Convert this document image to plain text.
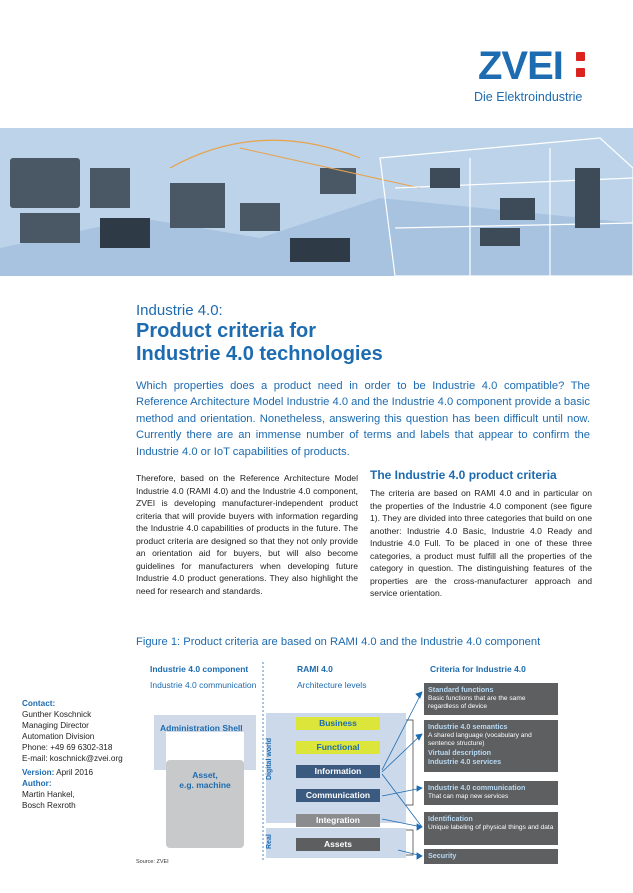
ZVEI
Die Elektroindustrie
Industrie 4.0:
Product criteria for
Industrie 4.0 technologies
Which properties does a product need in order to be Industrie 4.0 compatible? The Reference Architecture Model Industrie 4.0 and the Industrie 4.0 component provide a basic method and orientation. Nonetheless, answering this question has been difficult until now. Currently there are an immense number of terms and labels that appear to confirm the Industrie 4.0 or IoT capabilities of products.
Therefore, based on the Reference Architecture Model Industrie 4.0 (RAMI 4.0) and the Industrie 4.0 component, ZVEI is developing manufacturer-independent product criteria that will provide buyers with information regarding the Industrie 4.0 capabilities of products in the future. The product criteria are designed so that they not only provide an orientation aid for buyers, but will also become guidelines for manufacturers when developing future Industrie 4.0 product generations. They also highlight the need for research and standards.
The Industrie 4.0 product criteria
The criteria are based on RAMI 4.0 and in particular on the properties of the Industrie 4.0 component (see figure 1). They are divided into three categories that build on one another: Industrie 4.0 Basic, Industrie 4.0 Ready and Industrie 4.0 Full. To be placed in one of these three categories, a product must fulfill all the properties of the category in question. The distinguishing features of the properties are the cross-manufacturer approach and service orientation.
Figure 1: Product criteria are based on RAMI 4.0 and the Industrie 4.0 component
Contact:
Gunther Koschnick
Managing Director
Automation Division
Phone: +49 69 6302-318
E-mail: koschnick@zvei.org
Version: April 2016
Author:
Martin Hankel,
Bosch Rexroth
Industrie 4.0 component
Industrie 4.0 communication
RAMI 4.0
Architecture levels
Criteria for Industrie 4.0
Administration Shell
Asset,
e.g. machine
Digital world
Real
Business
Functional
Information
Communication
Integration
Assets
Standard functions
Basic functions that are the same regardless of device
Industrie 4.0 semantics
A shared language (vocabulary and sentence structure)
Virtual description
Industrie 4.0 services
Industrie 4.0 communication
That can map new services
Identification
Unique labeling of physical things and data
Security
Source: ZVEI
